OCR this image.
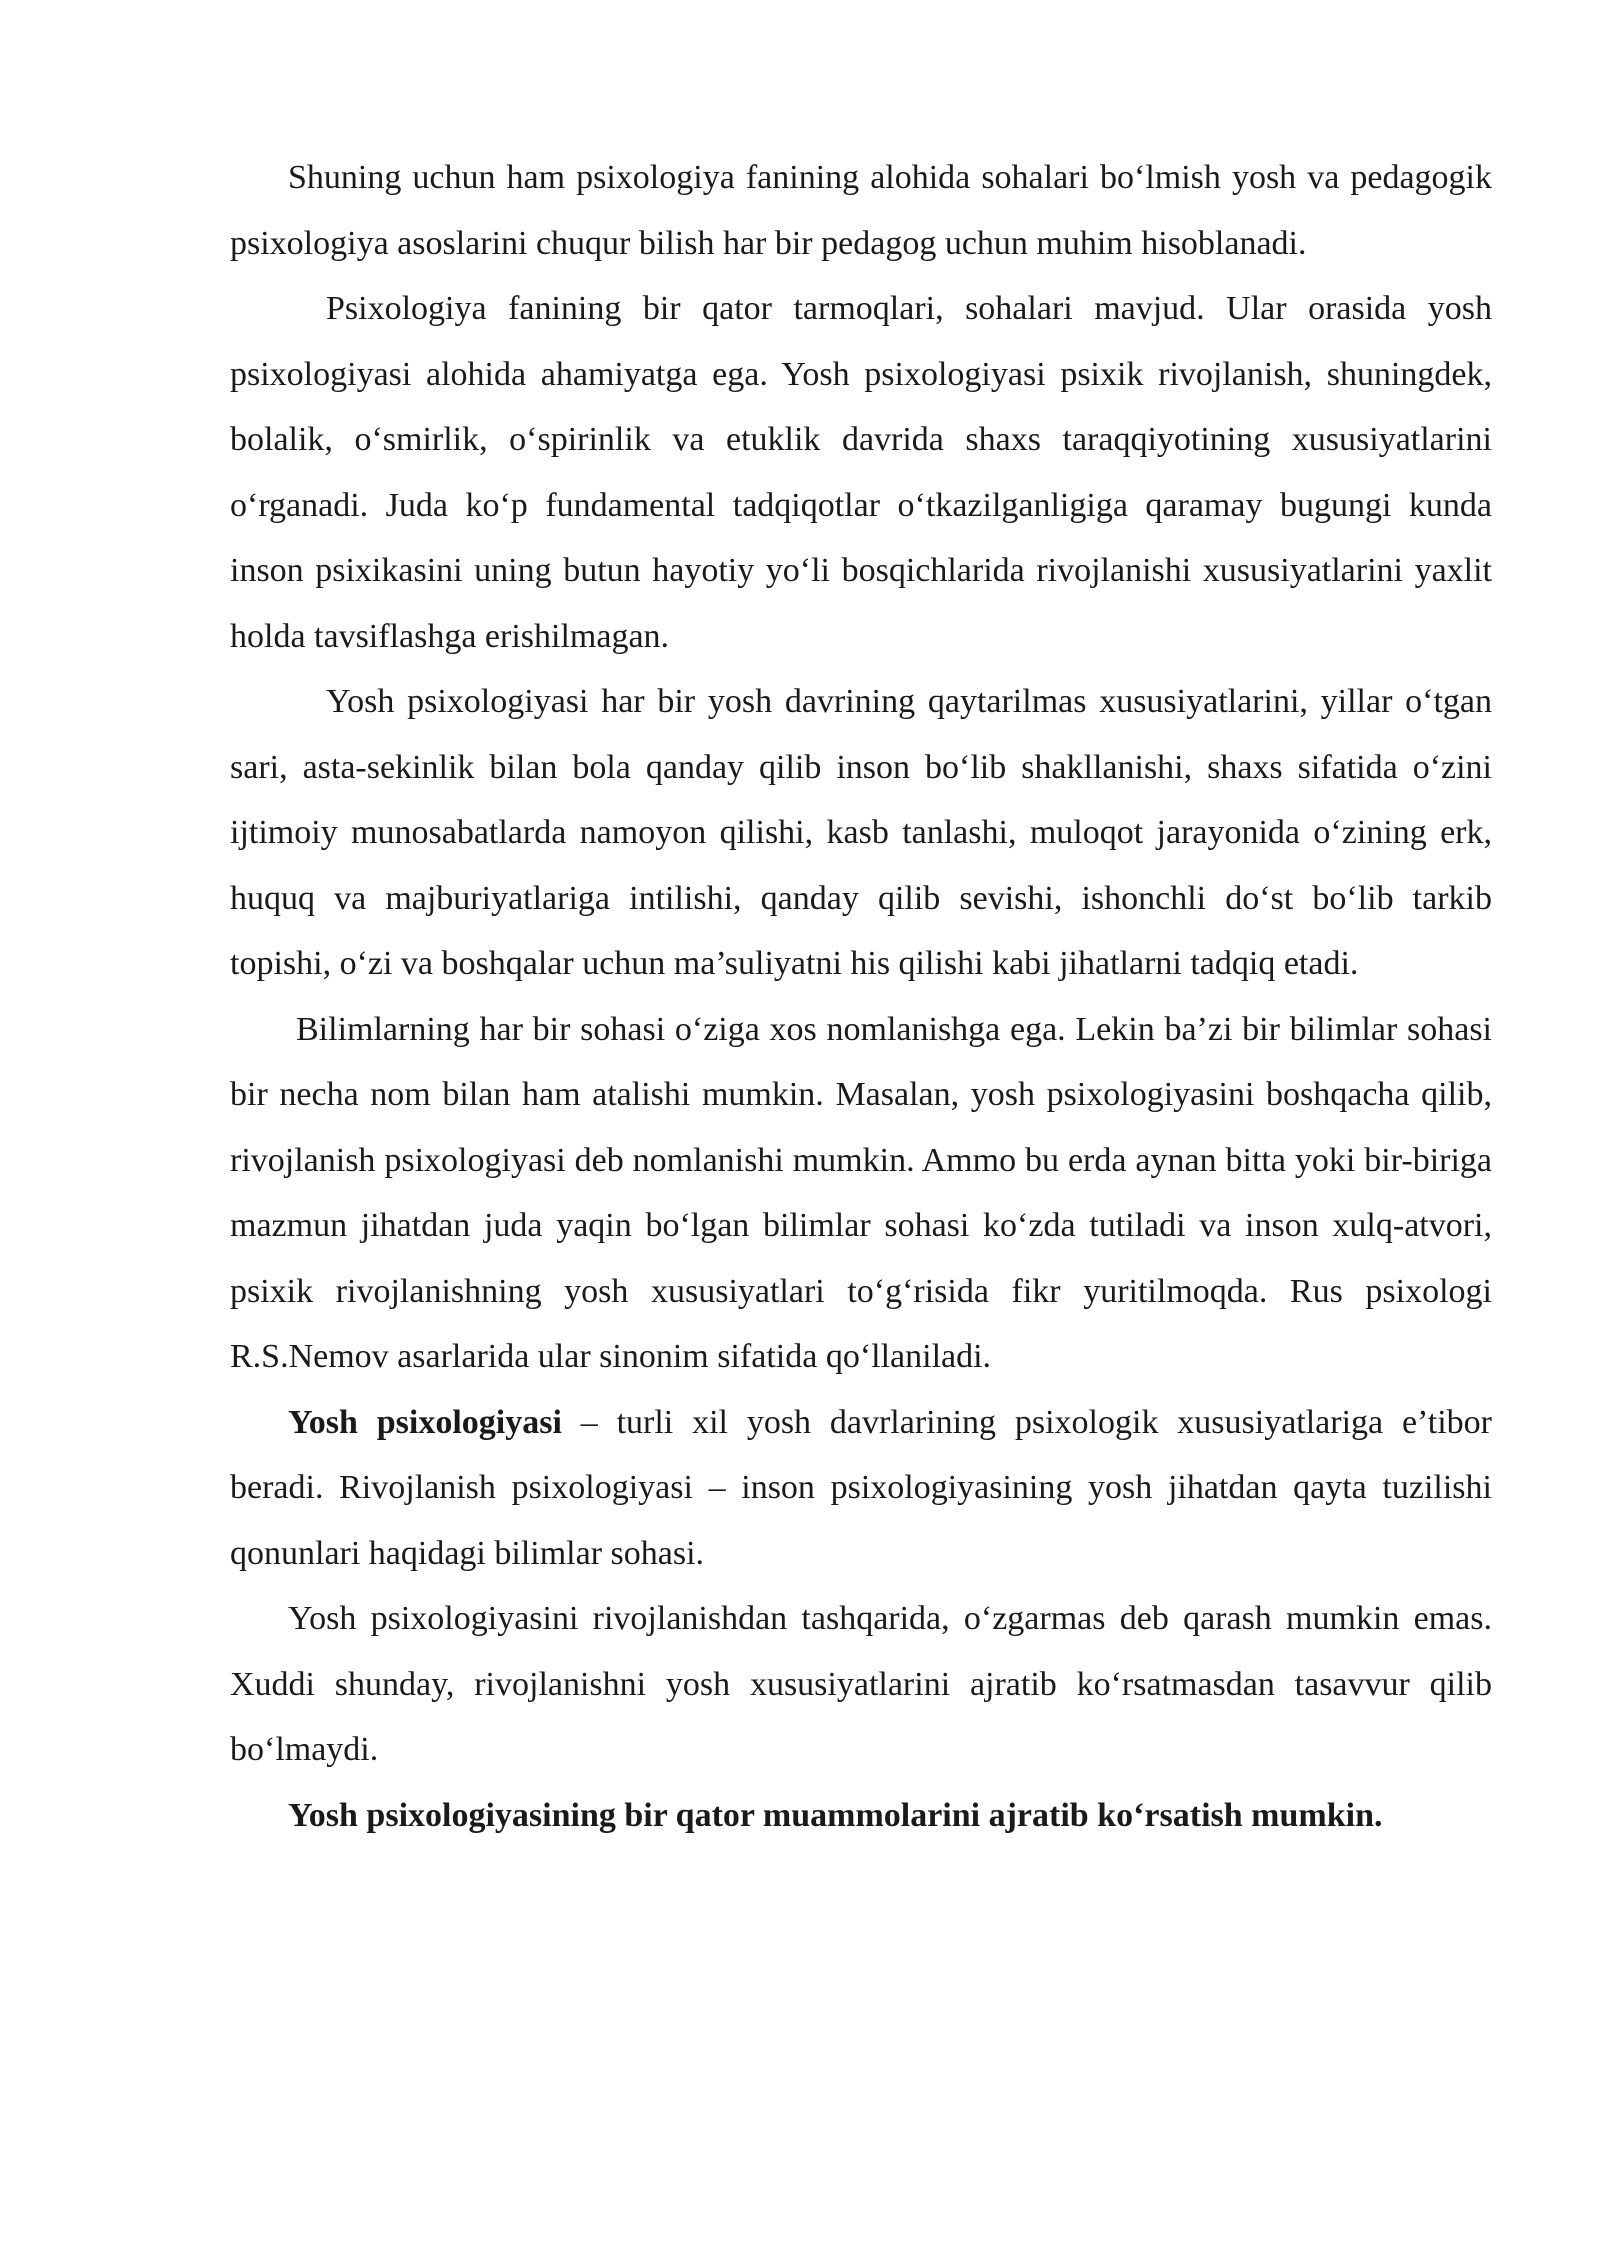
Shuning uchun ham psixologiya fanining alohida sohalari bo‘lmish yosh va pedagogik psixologiya asoslarini chuqur bilish har bir pedagog uchun muhim hisoblanadi.

Psixologiya fanining bir qator tarmoqlari, sohalari mavjud. Ular orasida yosh psixologiyasi alohida ahamiyatga ega. Yosh psixologiyasi psixik rivojlanish, shuningdek, bolalik, o‘smirlik, o‘spirinlik va etuklik davrida shaxs taraqqiyotining xususiyatlarini o‘rganadi. Juda ko‘p fundamental tadqiqotlar o‘tkazilganligiga qaramay bugungi kunda inson psixikasini uning butun hayotiy yo‘li bosqichlarida rivojlanishi xususiyatlarini yaxlit holda tavsiflashga erishilmagan.

Yosh psixologiyasi har bir yosh davrining qaytarilmas xususiyatlarini, yillar o‘tgan sari, asta-sekinlik bilan bola qanday qilib inson bo‘lib shakllanishi, shaxs sifatida o‘zini ijtimoiy munosabatlarda namoyon qilishi, kasb tanlashi, muloqot jarayonida o‘zining erk, huquq va majburiyatlariga intilishi, qanday qilib sevishi, ishonchli do‘st bo‘lib tarkib topishi, o‘zi va boshqalar uchun ma’suliyatni his qilishi kabi jihatlarni tadqiq etadi.

Bilimlarning har bir sohasi o‘ziga xos nomlanishga ega. Lekin ba’zi bir bilimlar sohasi bir necha nom bilan ham atalishi mumkin. Masalan, yosh psixologiyasini boshqacha qilib, rivojlanish psixologiyasi deb nomlanishi mumkin. Ammo bu erda aynan bitta yoki bir-biriga mazmun jihatdan juda yaqin bo‘lgan bilimlar sohasi ko‘zda tutiladi va inson xulq-atvori, psixik rivojlanishning yosh xususiyatlari to‘g‘risida fikr yuritilmoqda. Rus psixologi R.S.Nemov asarlarida ular sinonim sifatida qo‘llaniladi.

Yosh psixologiyasi – turli xil yosh davrlarining psixologik xususiyatlariga e’tibor beradi. Rivojlanish psixologiyasi – inson psixologiyasining yosh jihatdan qayta tuzilishi qonunlari haqidagi bilimlar sohasi.

Yosh psixologiyasini rivojlanishdan tashqarida, o‘zgarmas deb qarash mumkin emas. Xuddi shunday, rivojlanishni yosh xususiyatlarini ajratib ko‘rsatmasdan tasavvur qilib bo‘lmaydi.

Yosh psixologiyasining bir qator muammolarini ajratib ko‘rsatish mumkin.
